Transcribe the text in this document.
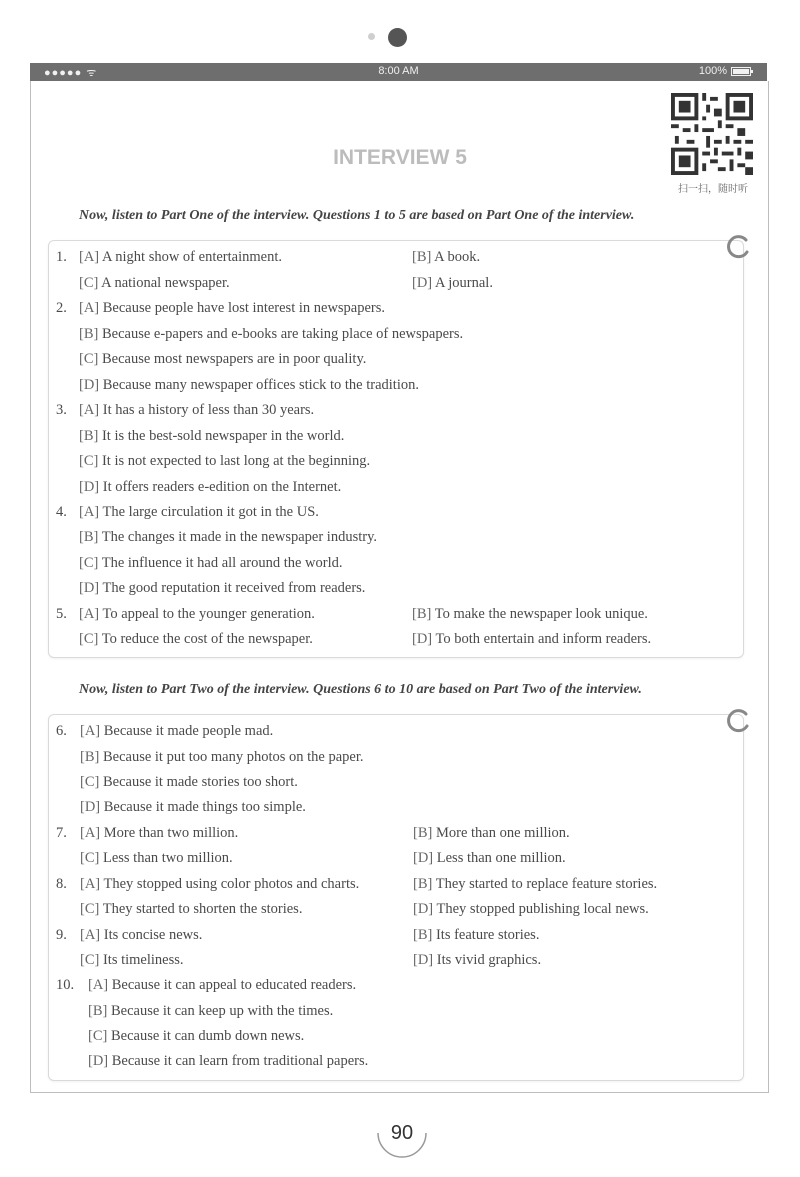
●●●●● ᯤ	8:00 AM	100%
扫一扫，随时听
INTERVIEW 5
Now, listen to Part One of the interview. Questions 1 to 5 are based on Part One of the interview.
Now, listen to Part Two of the interview. Questions 6 to 10 are based on Part Two of the interview.
1. [A] A night show of entertainment.	[B] A book.
[C] A national newspaper.	[D] A journal.
2. [A] Because people have lost interest in newspapers.
[B] Because e-papers and e-books are taking place of newspapers.
[C] Because most newspapers are in poor quality.
[D] Because many newspaper offices stick to the tradition.
3. [A] It has a history of less than 30 years.
[B] It is the best-sold newspaper in the world.
[C] It is not expected to last long at the beginning.
[D] It offers readers e-edition on the Internet.
4. [A] The large circulation it got in the US.
[B] The changes it made in the newspaper industry.
[C] The influence it had all around the world.
[D] The good reputation it received from readers.
5. [A] To appeal to the younger generation.	[B] To make the newspaper look unique.
[C] To reduce the cost of the newspaper.	[D] To both entertain and inform readers.
6. [A] Because it made people mad.
[B] Because it put too many photos on the paper.
[C] Because it made stories too short.
[D] Because it made things too simple.
7. [A] More than two million.	[B] More than one million.
[C] Less than two million.	[D] Less than one million.
8. [A] They stopped using color photos and charts.	[B] They started to replace feature stories.
[C] They started to shorten the stories.	[D] They stopped publishing local news.
9. [A] Its concise news.	[B] Its feature stories.
[C] Its timeliness.	[D] Its vivid graphics.
10. [A] Because it can appeal to educated readers.
[B] Because it can keep up with the times.
[C] Because it can dumb down news.
[D] Because it can learn from traditional papers.
90
